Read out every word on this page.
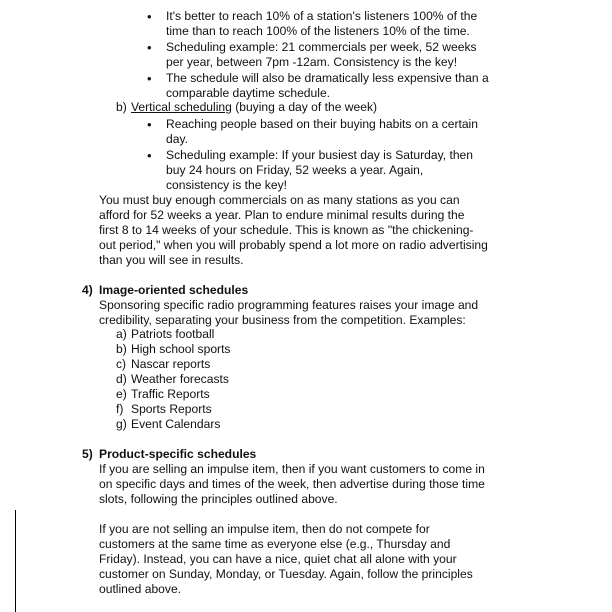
• It's better to reach 10% of a station's listeners 100% of the
time than to reach 100% of the listeners 10% of the time.
• Scheduling example: 21 commercials per week, 52 weeks
per year, between 7pm -12am. Consistency is the key!
• The schedule will also be dramatically less expensive than a
comparable daytime schedule.
b) Vertical scheduling (buying a day of the week)
• Reaching people based on their buying habits on a certain
day.
• Scheduling example: If your busiest day is Saturday, then
buy 24 hours on Friday, 52 weeks a year. Again,
consistency is the key!
You must buy enough commercials on as many stations as you can
afford for 52 weeks a year. Plan to endure minimal results during the
first 8 to 14 weeks of your schedule. This is known as "the chickening-
out period," when you will probably spend a lot more on radio advertising
than you will see in results.
4) Image-oriented schedules
Sponsoring specific radio programming features raises your image and
credibility, separating your business from the competition. Examples:
a) Patriots football
b) High school sports
c) Nascar reports
d) Weather forecasts
e) Traffic Reports
f) Sports Reports
g) Event Calendars
5) Product-specific schedules
If you are selling an impulse item, then if you want customers to come in
on specific days and times of the week, then advertise during those time
slots, following the principles outlined above.
If you are not selling an impulse item, then do not compete for
customers at the same time as everyone else (e.g., Thursday and
Friday). Instead, you can have a nice, quiet chat all alone with your
customer on Sunday, Monday, or Tuesday. Again, follow the principles
outlined above.
